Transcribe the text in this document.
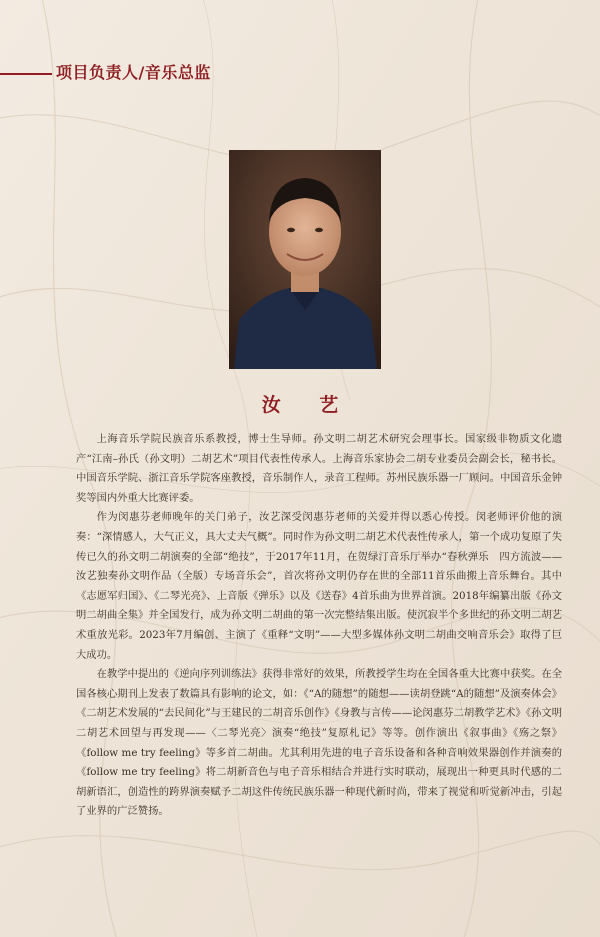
项目负责人/音乐总监
汝 艺

上海音乐学院民族音乐系教授，博士生导师。孙文明二胡艺术研究会理事长。国家级非物质文化遗产“江南–孙氏（孙文明）二胡艺术”项目代表性传承人。上海音乐家协会二胡专业委员会副会长，秘书长。中国音乐学院、浙江音乐学院客座教授，音乐制作人，录音工程师。苏州民族乐器一厂顾问。中国音乐金钟奖等国内外重大比赛评委。

作为闵惠芬老师晚年的关门弟子，汝艺深受闵惠芬老师的关爱并得以悉心传授。闵老师评价他的演奏：“深情感人，大气正义，具大丈夫气概”。同时作为孙文明二胡艺术代表性传承人，第一个成功复原了失传已久的孙文明二胡演奏的全部“绝技”，于2017年11月，在贺绿汀音乐厅举办“春秋弹乐　四方流波——汝艺独奏孙文明作品（全版）专场音乐会”，首次将孙文明仍存在世的全部11首乐曲搬上音乐舞台。其中《志愿军归国》、《二琴光亮》、上音版《弹乐》以及《送春》4首乐曲为世界首演。2018年编纂出版《孙文明二胡曲全集》并全国发行，成为孙文明二胡曲的第一次完整结集出版。使沉寂半个多世纪的孙文明二胡艺术重放光彩。2023年7月编创、主演了《重释“文明”——大型多媒体孙文明二胡曲交响音乐会》取得了巨大成功。

在教学中提出的《逆向序列训练法》获得非常好的效果，所教授学生均在全国各重大比赛中获奖。在全国各核心期刊上发表了数篇具有影响的论文，如：《“A的随想”的随想——读胡登跳“A的随想”及演奏体会》《二胡艺术发展的“去民间化”与王建民的二胡音乐创作》《身教与言传——论闵惠芬二胡教学艺术》《孙文明二胡艺术回望与再发现——〈二琴光亮〉演奏“绝技”复原札记》等等。创作演出《叙事曲》《殇之祭》《follow me try feeling》等多首二胡曲。尤其利用先进的电子音乐设备和各种音响效果器创作并演奏的《follow me try feeling》将二胡新音色与电子音乐相结合并进行实时联动，展现出一种更具时代感的二胡新语汇，创造性的跨界演奏赋予二胡这件传统民族乐器一种现代新时尚，带来了视觉和听觉新冲击，引起了业界的广泛赞扬。
